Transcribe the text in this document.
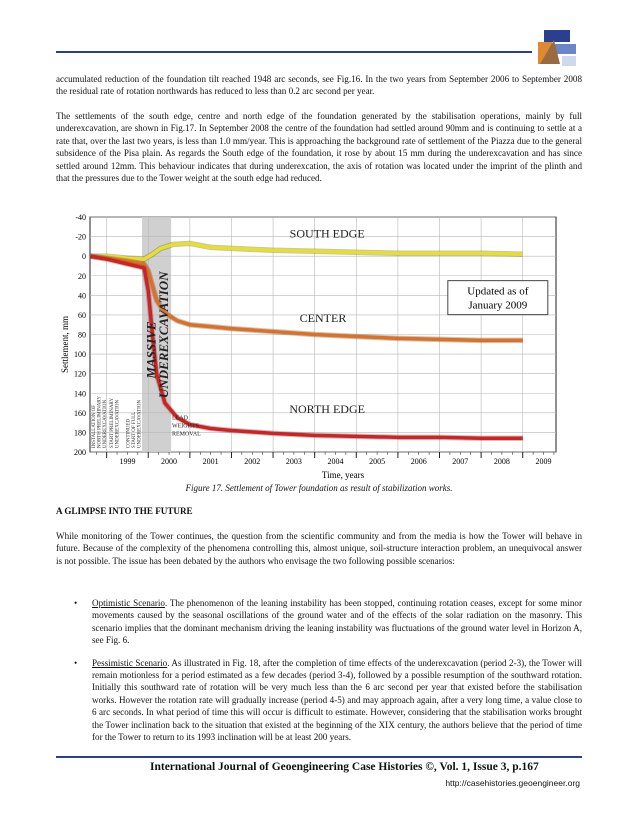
accumulated reduction of the foundation tilt reached 1948 arc seconds, see Fig.16. In the two years from September 2006 to September 2008 the residual rate of rotation northwards has reduced to less than 0.2 arc second per year.

The settlements of the south edge, centre and north edge of the foundation generated by the stabilisation operations, mainly by full underexcavation, are shown in Fig.17. In September 2008 the centre of the foundation had settled around 90mm and is continuing to settle at a rate that, over the last two years, is less than 1.0 mm/year. This is approaching the background rate of settlement of the Piazza due to the general subsidence of the Pisa plain. As regards the South edge of the foundation, it rose by about 15 mm during the underexcavation and has since settled around 12mm. This behaviour indicates that during underexcation, the axis of rotation was located under the imprint of the plinth and that the pressures due to the Tower weight at the south edge had reduced.

-40
-20
0
20
40
60
80
100
120
140
160
180
200
1999	2000	2001	2002	2003	2004	2005	2006	2007	2008	2009
Time, years
Settlement, mm
SOUTH EDGE
CENTER
NORTH EDGE
Updated as of
January 2009
MASSIVE
UNDEREXCAVATION
INSTALLATION OF NORTH PRELIMINARY UNDEREXCAVATION START PRELIMINARY UNDEREXCAVATION CONTINUED START OF FULL UNDEREXCAVATION	LEAD
WEIGHTS
REMOVAL

Figure 17. Settlement of Tower foundation as result of stabilization works.

A GLIMPSE INTO THE FUTURE

While monitoring of the Tower continues, the question from the scientific community and from the media is how the Tower will behave in future. Because of the complexity of the phenomena controlling this, almost unique, soil-structure interaction problem, an unequivocal answer is not possible. The issue has been debated by the authors who envisage the two following possible scenarios:

• Optimistic Scenario. The phenomenon of the leaning instability has been stopped, continuing rotation ceases, except for some minor movements caused by the seasonal oscillations of the ground water and of the effects of the solar radiation on the masonry. This scenario implies that the dominant mechanism driving the leaning instability was fluctuations of the ground water level in Horizon A, see Fig. 6.
• Pessimistic Scenario. As illustrated in Fig. 18, after the completion of time effects of the underexcavation (period 2-3), the Tower will remain motionless for a period estimated as a few decades (period 3-4), followed by a possible resumption of the southward rotation. Initially this southward rate of rotation will be very much less than the 6 arc second per year that existed before the stabilisation works. However the rotation rate will gradually increase (period 4-5) and may approach again, after a very long time, a value close to 6 arc seconds. In what period of time this will occur is difficult to estimate. However, considering that the stabilisation works brought the Tower inclination back to the situation that existed at the beginning of the XIX century, the authors believe that the period of time for the Tower to return to its 1993 inclination will be at least 200 years.
International Journal of Geoengineering Case Histories ©, Vol. 1, Issue 3, p.167
http://casehistories.geoengineer.org
